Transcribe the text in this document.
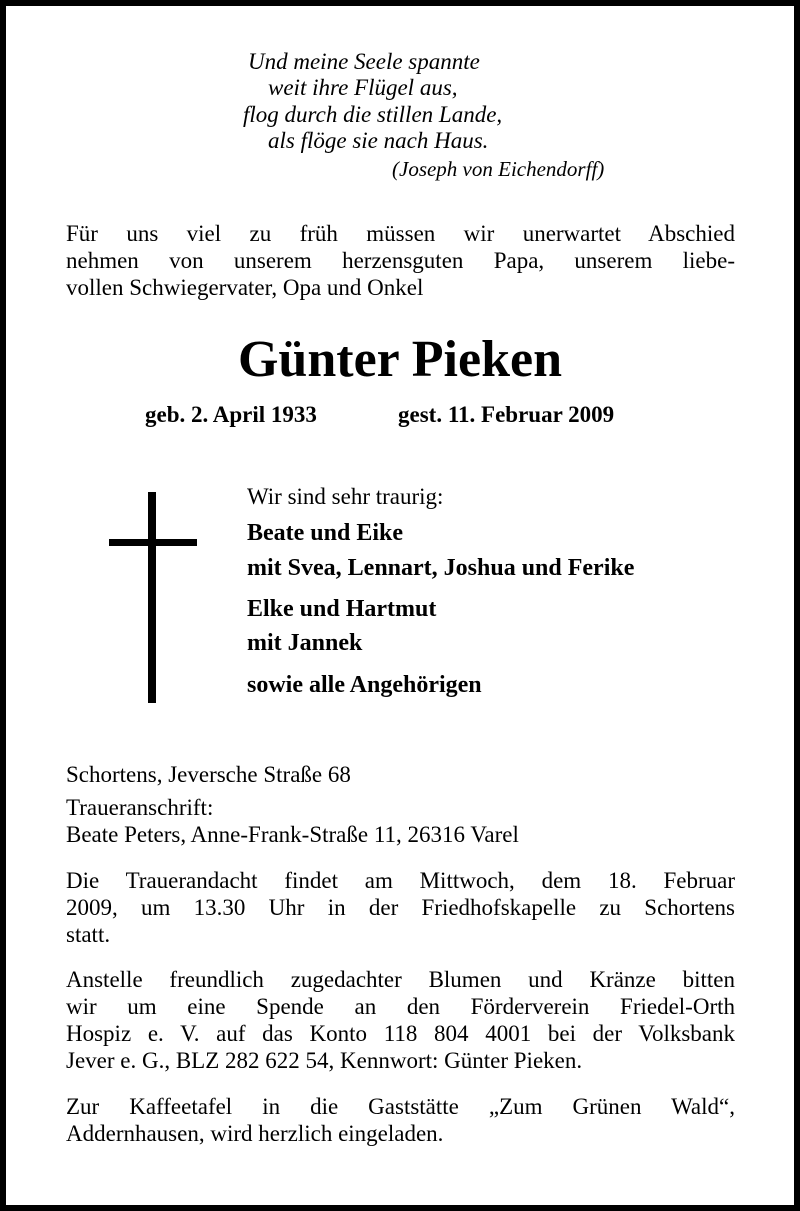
Und meine Seele spannte
weit ihre Flügel aus,
flog durch die stillen Lande,
als flöge sie nach Haus.
(Joseph von Eichendorff)
Für uns viel zu früh müssen wir unerwartet Abschied
nehmen von unserem herzensguten Papa, unserem liebe-
vollen Schwiegervater, Opa und Onkel
Günter Pieken
geb. 2. April 1933	gest. 11. Februar 2009
Wir sind sehr traurig:
Beate und Eike
mit Svea, Lennart, Joshua und Ferike
Elke und Hartmut
mit Jannek
sowie alle Angehörigen
Schortens, Jeversche Straße 68
Traueranschrift:
Beate Peters, Anne-Frank-Straße 11, 26316 Varel
Die Trauerandacht findet am Mittwoch, dem 18. Februar
2009, um 13.30 Uhr in der Friedhofskapelle zu Schortens
statt.
Anstelle freundlich zugedachter Blumen und Kränze bitten
wir um eine Spende an den Förderverein Friedel-Orth
Hospiz e. V. auf das Konto 118 804 4001 bei der Volksbank
Jever e. G., BLZ 282 622 54, Kennwort: Günter Pieken.
Zur Kaffeetafel in die Gaststätte „Zum Grünen Wald“,
Addernhausen, wird herzlich eingeladen.
